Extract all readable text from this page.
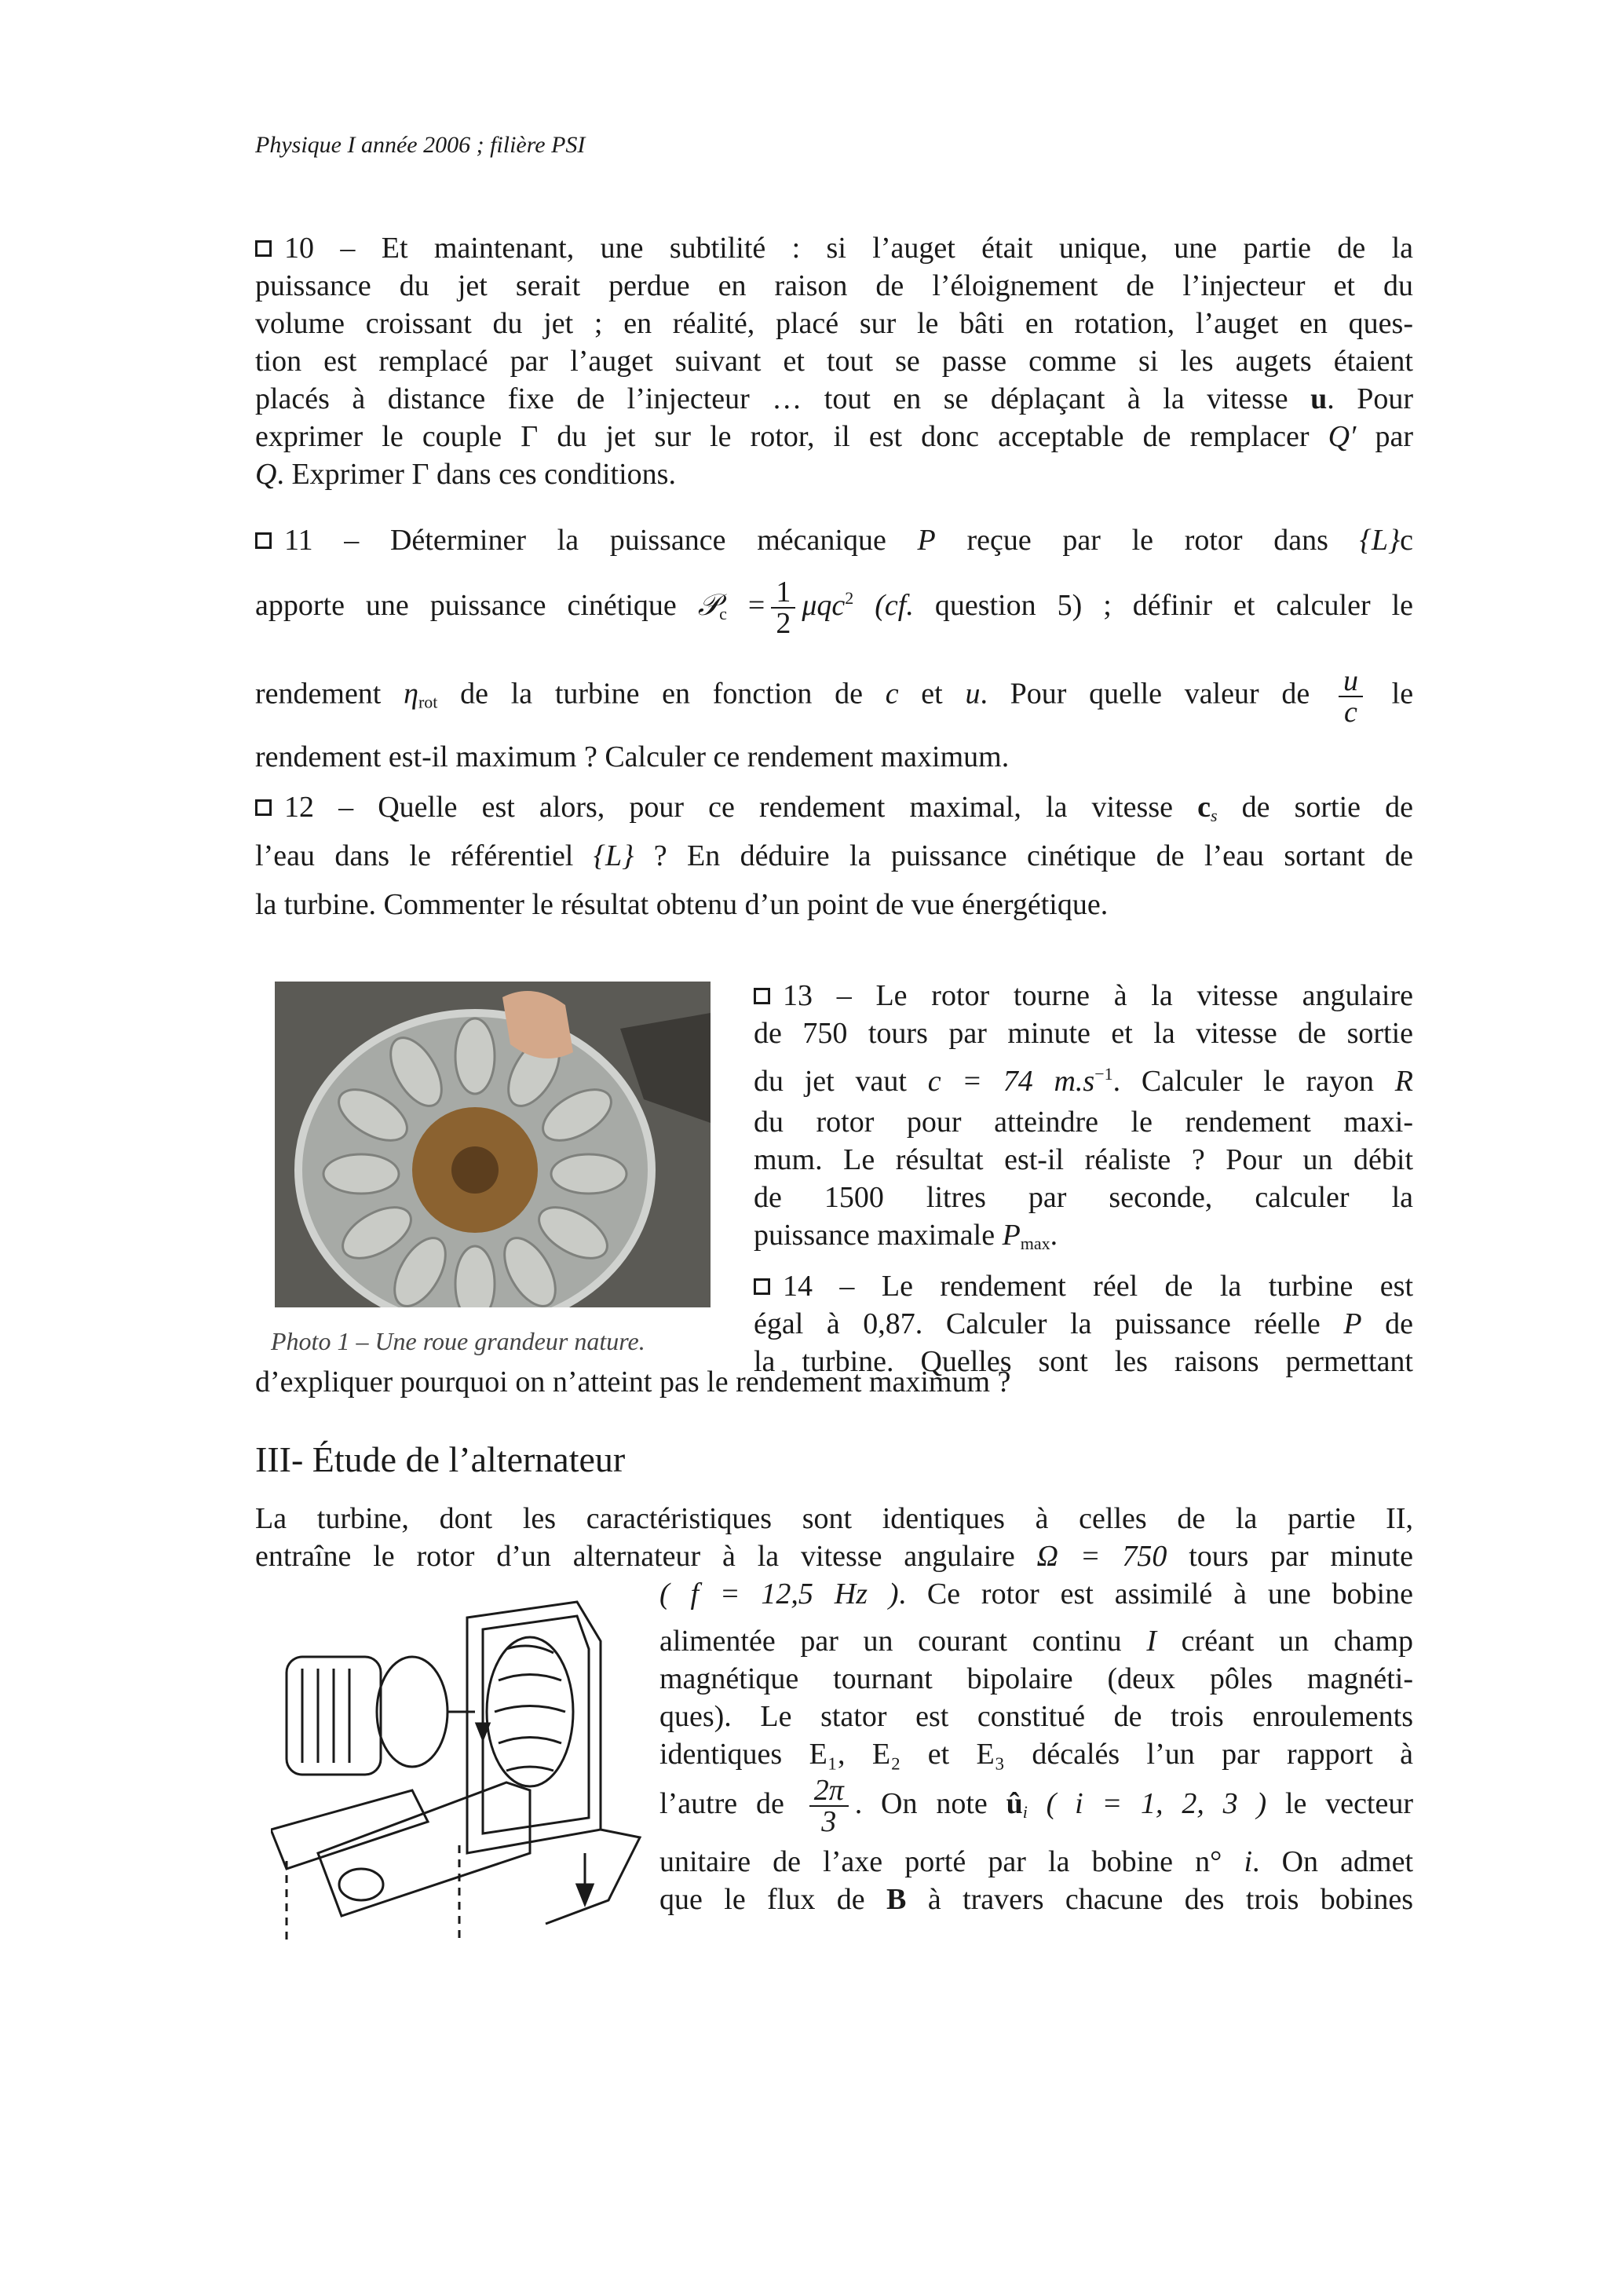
Physique I année 2006 ; filière PSI
10 – Et maintenant, une subtilité : si l’auget était unique, une partie de la
puissance du jet serait perdue en raison de l’éloignement de l’injecteur et du
volume croissant du jet ; en réalité, placé sur le bâti en rotation, l’auget en ques-
tion est remplacé par l’auget suivant et tout se passe comme si les augets étaient
placés à distance fixe de l’injecteur … tout en se déplaçant à la vitesse u. Pour
exprimer le couple Γ du jet sur le rotor, il est donc acceptable de remplacer Q′ par
Q. Exprimer Γ dans ces conditions.
11 – Déterminer la puissance mécanique P reçue par le rotor dans {L}c
apporte une puissance cinétique 𝒫$_c$ = $\frac{1}{2} \mu qc^2$ (cf. question 5) ; définir et calculer le
rendement $\eta_{rot}$ de la turbine en fonction de c et u. Pour quelle valeur de $\frac{u}{c}$ le
rendement est-il maximum ? Calculer ce rendement maximum.
12 – Quelle est alors, pour ce rendement maximal, la vitesse $c_s$ de sortie de
l’eau dans le référentiel {L} ? En déduire la puissance cinétique de l’eau sortant de
la turbine. Commenter le résultat obtenu d’un point de vue énergétique.
Photo 1 – Une roue grandeur nature.
13 – Le rotor tourne à la vitesse angulaire
de 750 tours par minute et la vitesse de sortie
du jet vaut c = 74 $m.s^{-1}$. Calculer le rayon R
du rotor pour atteindre le rendement maxi-
mum. Le résultat est-il réaliste ? Pour un débit
de 1500 litres par seconde, calculer la
puissance maximale $P_{max}$.
14 – Le rendement réel de la turbine est
égal à 0,87. Calculer la puissance réelle P de
la turbine. Quelles sont les raisons permettant
d’expliquer pourquoi on n’atteint pas le rendement maximum ?
III- Étude de l’alternateur
La turbine, dont les caractéristiques sont identiques à celles de la partie II,
entraîne le rotor d’un alternateur à la vitesse angulaire Ω = 750 tours par minute
( f = 12,5 Hz ). Ce rotor est assimilé à une bobine
alimentée par un courant continu I créant un champ
magnétique tournant bipolaire (deux pôles magnéti-
ques). Le stator est constitué de trois enroulements
identiques E₁, E₂ et E₃ décalés l’un par rapport à
l’autre de $\frac{2\pi}{3}$ . On note $û_i$ ( i = 1, 2, 3 ) le vecteur
unitaire de l’axe porté par la bobine n° i. On admet
que le flux de B à travers chacune des trois bobines
